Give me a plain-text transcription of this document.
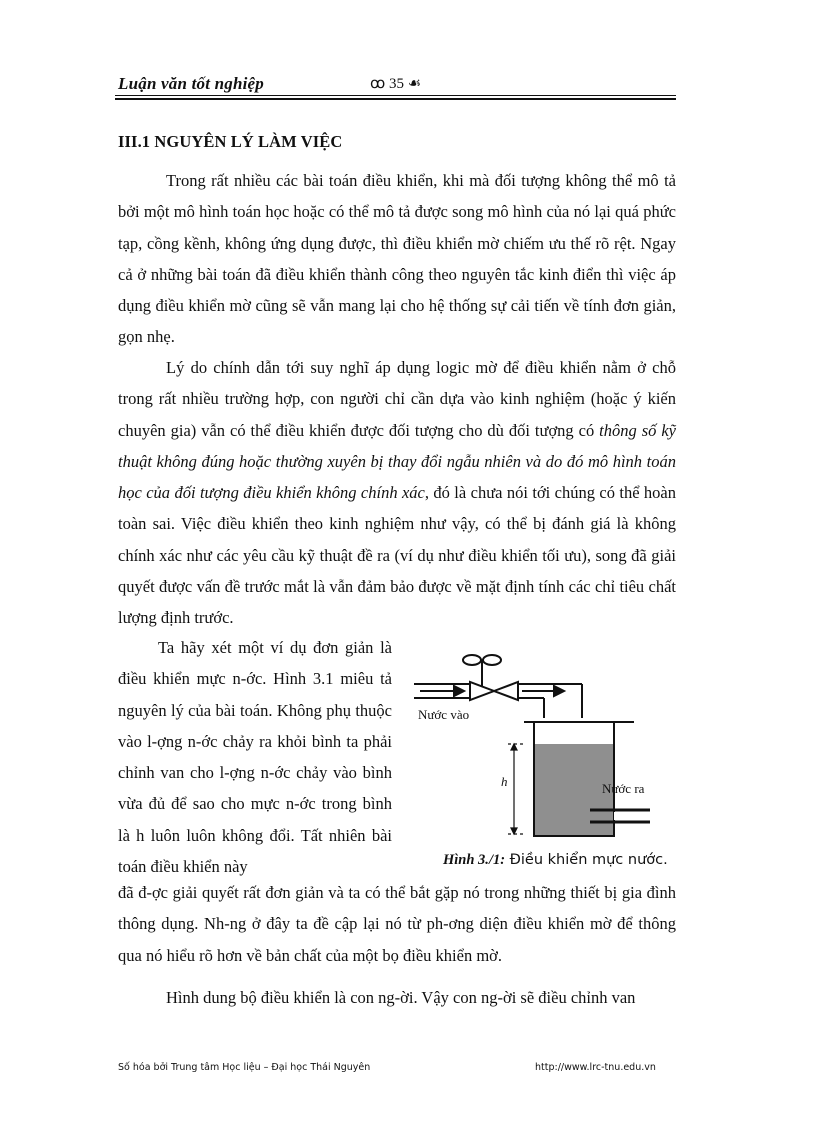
Luận văn tốt nghiệp	ꝏ 35 ☙
III.1 NGUYÊN LÝ LÀM VIỆC

Trong rất nhiều các bài toán điều khiển, khi mà đối tượng không thể mô tả bởi một mô hình toán học hoặc có thể mô tả được song mô hình của nó lại quá phức tạp, cồng kềnh, không ứng dụng được, thì điều khiển mờ chiếm ưu thế rõ rệt. Ngay cả ở những bài toán đã điều khiển thành công theo nguyên tắc kinh điển thì việc áp dụng điều khiển mờ cũng sẽ vẫn mang lại cho hệ thống sự cải tiến về tính đơn giản, gọn nhẹ.

Lý do chính dẫn tới suy nghĩ áp dụng logic mờ để điều khiển nằm ở chỗ trong rất nhiều trường hợp, con người chỉ cần dựa vào kinh nghiệm (hoặc ý kiến chuyên gia) vẫn có thể điều khiển được đối tượng cho dù đối tượng có thông số kỹ thuật không đúng hoặc thường xuyên bị thay đổi ngẫu nhiên và do đó mô hình toán học của đối tượng điều khiển không chính xác, đó là chưa nói tới chúng có thể hoàn toàn sai. Việc điều khiển theo kinh nghiệm như vậy, có thể bị đánh giá là không chính xác như các yêu cầu kỹ thuật đề ra (ví dụ như điều khiển tối ưu), song đã giải quyết được vấn đề trước mắt là vẫn đảm bảo được về mặt định tính các chỉ tiêu chất lượng định trước.

Ta hãy xét một ví dụ đơn giản là điều khiển mực n-ớc. Hình 3.1 miêu tả nguyên lý của bài toán. Không phụ thuộc vào l-ợng n-ớc chảy ra khỏi bình ta phải chỉnh van cho l-ợng n-ớc chảy vào bình vừa đủ để sao cho mực n-ớc trong bình là h luôn luôn không đổi. Tất nhiên bài toán điều khiển này

Nước vào
Nước ra
h
Hình 3./1: Điều khiển mực nước.

đã đ-ợc giải quyết rất đơn giản và ta có thể bắt gặp nó trong những thiết bị gia đình thông dụng. Nh-ng ở đây ta đề cập lại nó từ ph-ơng diện điều khiển mờ để thông qua nó hiểu rõ hơn về bản chất của một bọ điều khiển mờ.

Hình dung bộ điều khiển là con ng-ời. Vậy con ng-ời sẽ điều chỉnh van

Số hóa bởi Trung tâm Học liệu – Đại học Thái Nguyên	http://www.lrc-tnu.edu.vn
